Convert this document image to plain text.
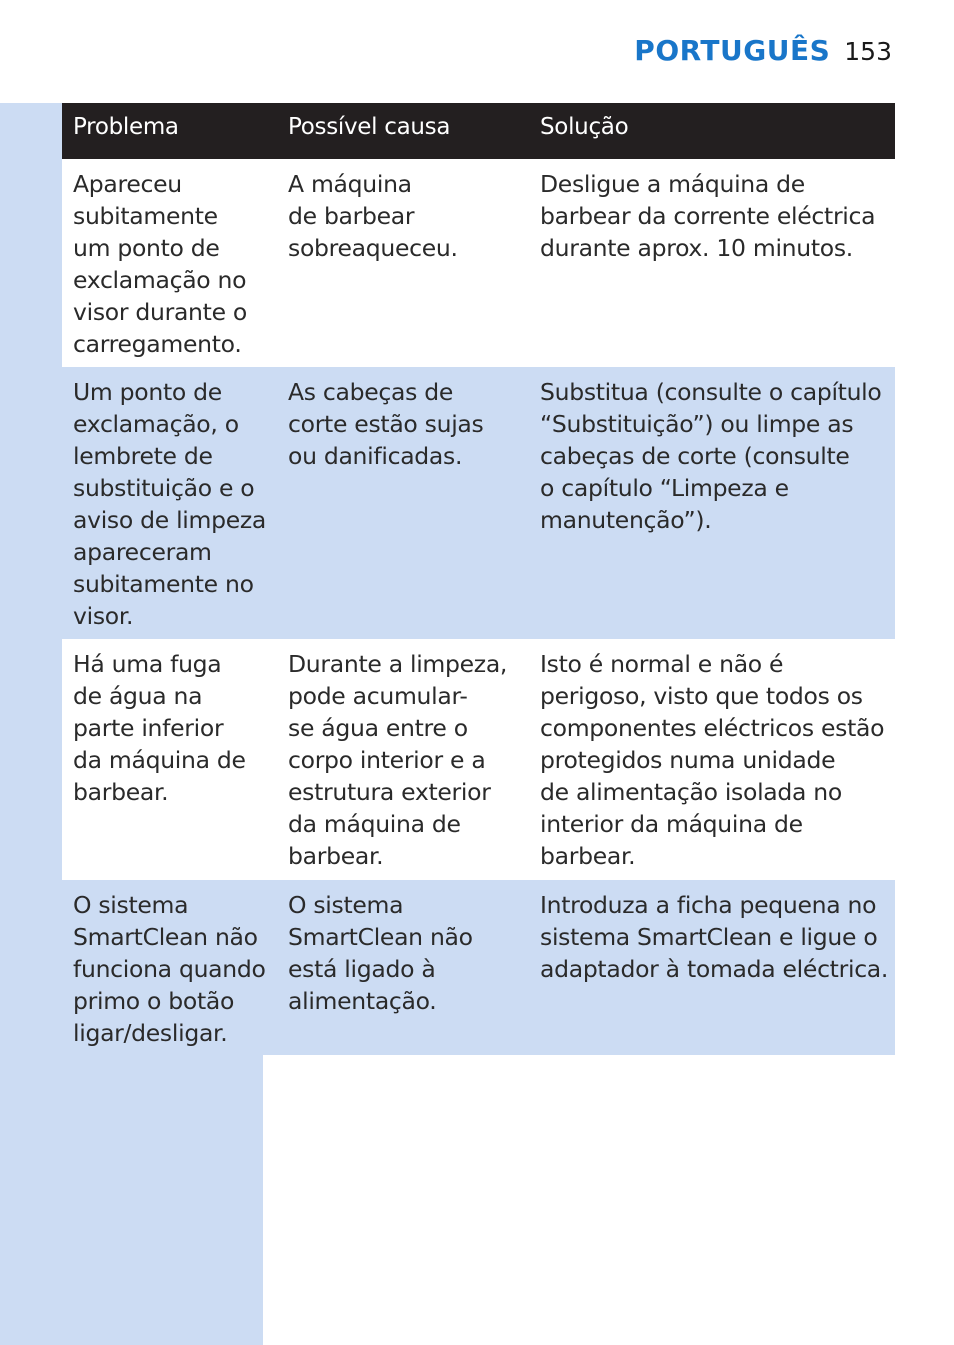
PORTUGUÊS 153
Problema	Possível causa	Solução
Apareceu
subitamente
um ponto de
exclamação no
visor durante o
carregamento.
A máquina
de barbear
sobreaqueceu.
Desligue a máquina de
barbear da corrente eléctrica
durante aprox. 10 minutos.
Um ponto de
exclamação, o
lembrete de
substituição e o
aviso de limpeza
apareceram
subitamente no
visor.
As cabeças de
corte estão sujas
ou danificadas.
Substitua (consulte o capítulo
“Substituição”) ou limpe as
cabeças de corte (consulte
o capítulo “Limpeza e
manutenção”).
Há uma fuga
de água na
parte inferior
da máquina de
barbear.
Durante a limpeza,
pode acumular-
se água entre o
corpo interior e a
estrutura exterior
da máquina de
barbear.
Isto é normal e não é
perigoso, visto que todos os
componentes eléctricos estão
protegidos numa unidade
de alimentação isolada no
interior da máquina de
barbear.
O sistema
SmartClean não
funciona quando
primo o botão
ligar/desligar.
O sistema
SmartClean não
está ligado à
alimentação.
Introduza a ficha pequena no
sistema SmartClean e ligue o
adaptador à tomada eléctrica.
